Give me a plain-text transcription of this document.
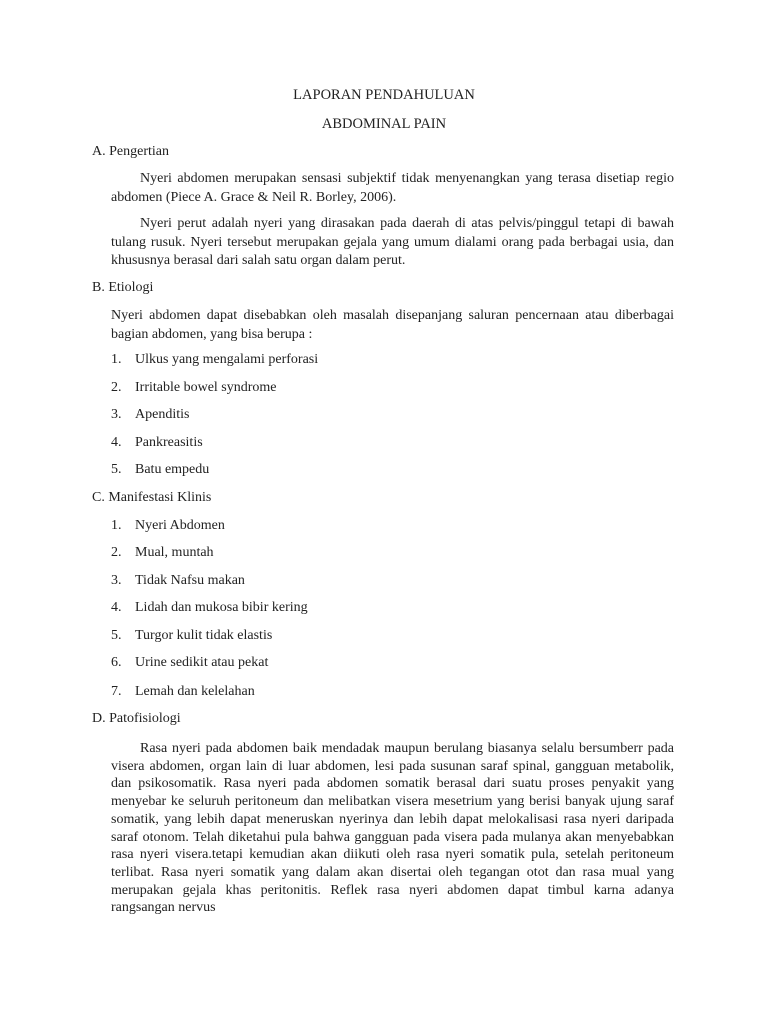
LAPORAN PENDAHULUAN
ABDOMINAL PAIN
A. Pengertian
Nyeri abdomen merupakan sensasi subjektif tidak menyenangkan yang terasa disetiap regio abdomen (Piece A. Grace & Neil R. Borley, 2006).
Nyeri perut adalah nyeri yang dirasakan pada daerah di atas pelvis/pinggul tetapi di bawah tulang rusuk. Nyeri tersebut merupakan gejala yang umum dialami orang pada berbagai usia, dan khususnya berasal dari salah satu organ dalam perut.
B. Etiologi
Nyeri abdomen dapat disebabkan oleh masalah disepanjang saluran pencernaan atau diberbagai bagian abdomen, yang bisa berupa :
1. Ulkus yang mengalami perforasi
2. Irritable bowel syndrome
3. Apenditis
4. Pankreasitis
5. Batu empedu
C. Manifestasi Klinis
1. Nyeri Abdomen
2. Mual, muntah
3. Tidak Nafsu makan
4. Lidah dan mukosa bibir kering
5. Turgor kulit tidak elastis
6. Urine sedikit atau pekat
7. Lemah dan kelelahan
D. Patofisiologi
Rasa nyeri pada abdomen baik mendadak maupun berulang biasanya selalu bersumberr pada visera abdomen, organ lain di luar abdomen, lesi pada susunan saraf spinal, gangguan metabolik, dan psikosomatik. Rasa nyeri pada abdomen somatik berasal dari suatu proses penyakit yang menyebar ke seluruh peritoneum dan melibatkan visera mesetrium yang berisi banyak ujung saraf somatik, yang lebih dapat meneruskan nyerinya dan lebih dapat melokalisasi rasa nyeri daripada saraf otonom. Telah diketahui pula bahwa gangguan pada visera pada mulanya akan menyebabkan rasa nyeri visera.tetapi kemudian akan diikuti oleh rasa nyeri somatik pula, setelah peritoneum terlibat. Rasa nyeri somatik yang dalam akan disertai oleh tegangan otot dan rasa mual yang merupakan gejala khas peritonitis. Reflek rasa nyeri abdomen dapat timbul karna adanya rangsangan nervus
